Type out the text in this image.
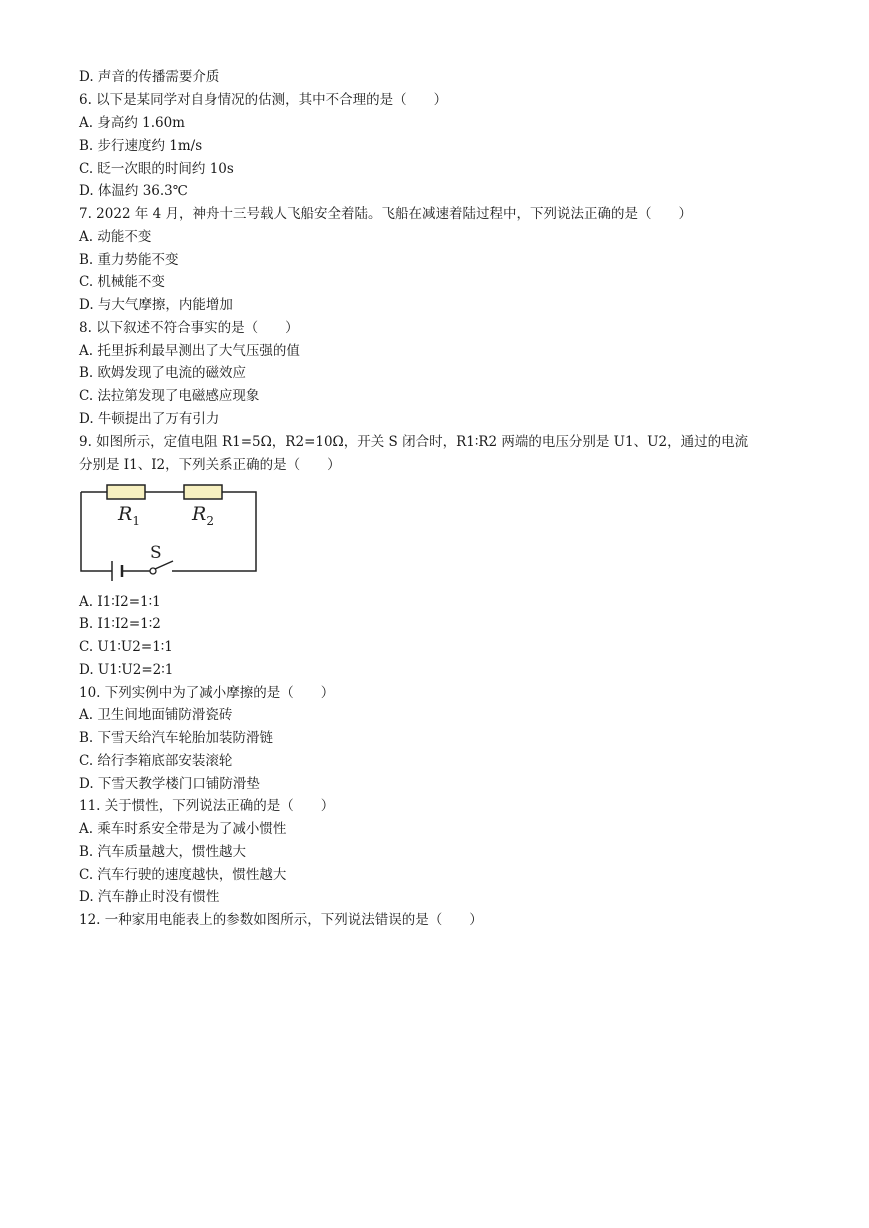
D. 声音的传播需要介质
6. 以下是某同学对自身情况的估测，其中不合理的是（　　）
A. 身高约 1.60m
B. 步行速度约 1m/s
C. 眨一次眼的时间约 10s
D. 体温约 36.3℃
7. 2022 年 4 月，神舟十三号载人飞船安全着陆。飞船在减速着陆过程中，下列说法正确的是（　　）
A. 动能不变
B. 重力势能不变
C. 机械能不变
D. 与大气摩擦，内能增加
8. 以下叙述不符合事实的是（　　）
A. 托里拆利最早测出了大气压强的值
B. 欧姆发现了电流的磁效应
C. 法拉第发现了电磁感应现象
D. 牛顿提出了万有引力
9. 如图所示，定值电阻 R1=5Ω，R2=10Ω，开关 S 闭合时，R1∶R2 两端的电压分别是 U1、U2，通过的电流
分别是 I1、I2，下列关系正确的是（　　）
$R_1$	$R_2$
S
A. I1∶I2=1∶1
B. I1∶I2=1∶2
C. U1∶U2=1∶1
D. U1∶U2=2∶1
10. 下列实例中为了减小摩擦的是（　　）
A. 卫生间地面铺防滑瓷砖
B. 下雪天给汽车轮胎加装防滑链
C. 给行李箱底部安装滚轮
D. 下雪天教学楼门口铺防滑垫
11. 关于惯性，下列说法正确的是（　　）
A. 乘车时系安全带是为了减小惯性
B. 汽车质量越大，惯性越大
C. 汽车行驶的速度越快，惯性越大
D. 汽车静止时没有惯性
12. 一种家用电能表上的参数如图所示，下列说法错误的是（　　）
